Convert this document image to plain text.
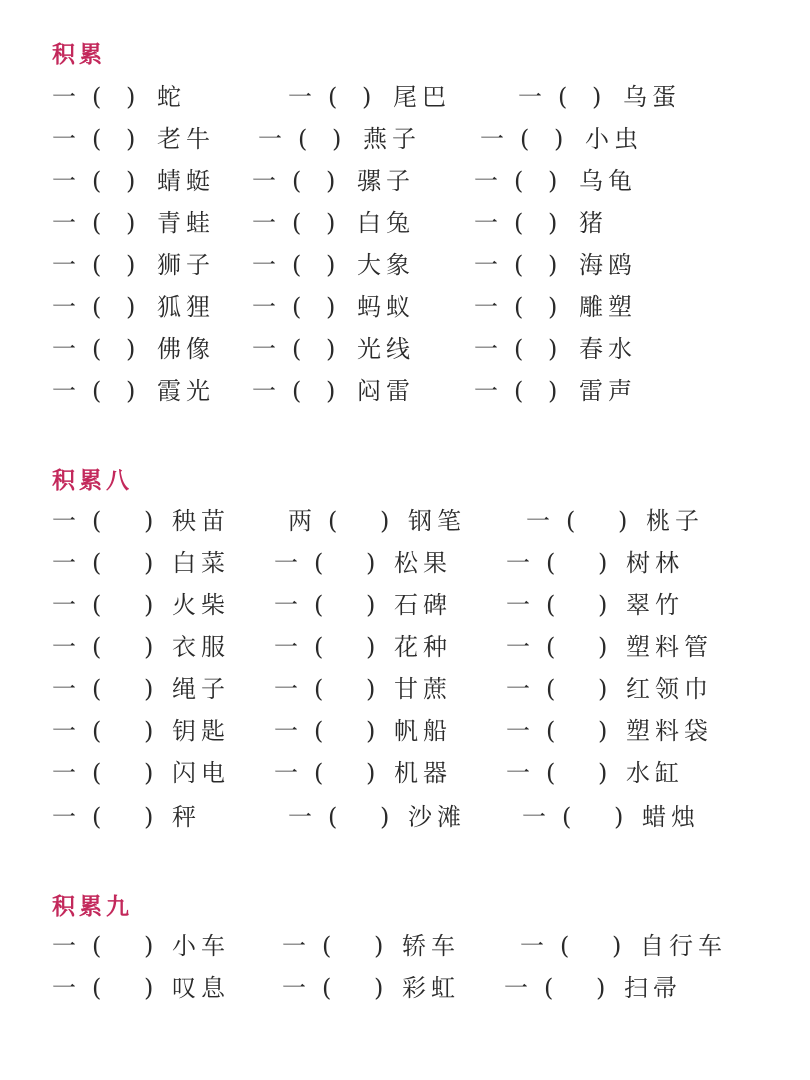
积累
一 ( ) 蛇	一 ( ) 尾巴	一 ( ) 乌蛋
一 ( ) 老牛 一 ( ) 燕子 一 ( ) 小虫
一 ( ) 蜻蜓 一 ( ) 骡子 一 ( ) 乌龟
一 ( ) 青蛙 一 ( ) 白兔 一 ( ) 猪
一 ( ) 狮子 一 ( ) 大象 一 ( ) 海鸥
一 ( ) 狐狸 一 ( ) 蚂蚁 一 ( ) 雕塑
一 ( ) 佛像 一 ( ) 光线 一 ( ) 春水
一 ( ) 霞光 一 ( ) 闷雷 一 ( ) 雷声
积累八
一 ( ) 秧苗 两 ( ) 钢笔	一 ( ) 桃子
一 ( ) 白菜 一 ( ) 松果 一 ( ) 树林
一 ( ) 火柴 一 ( ) 石碑 一 ( ) 翠竹
一 ( ) 衣服 一 ( ) 花种 一 ( ) 塑料管
一 ( ) 绳子 一 ( ) 甘蔗 一 ( ) 红领巾
一 ( ) 钥匙 一 ( ) 帆船 一 ( ) 塑料袋
一 ( ) 闪电 一 ( ) 机器 一 ( ) 水缸
一 ( ) 秤	一 ( ) 沙滩 一 ( ) 蜡烛
积累九
一 ( ) 小车 一 ( ) 轿车	一 ( ) 自行车
一 ( ) 叹息 一 ( ) 彩虹 一 ( ) 扫帚
